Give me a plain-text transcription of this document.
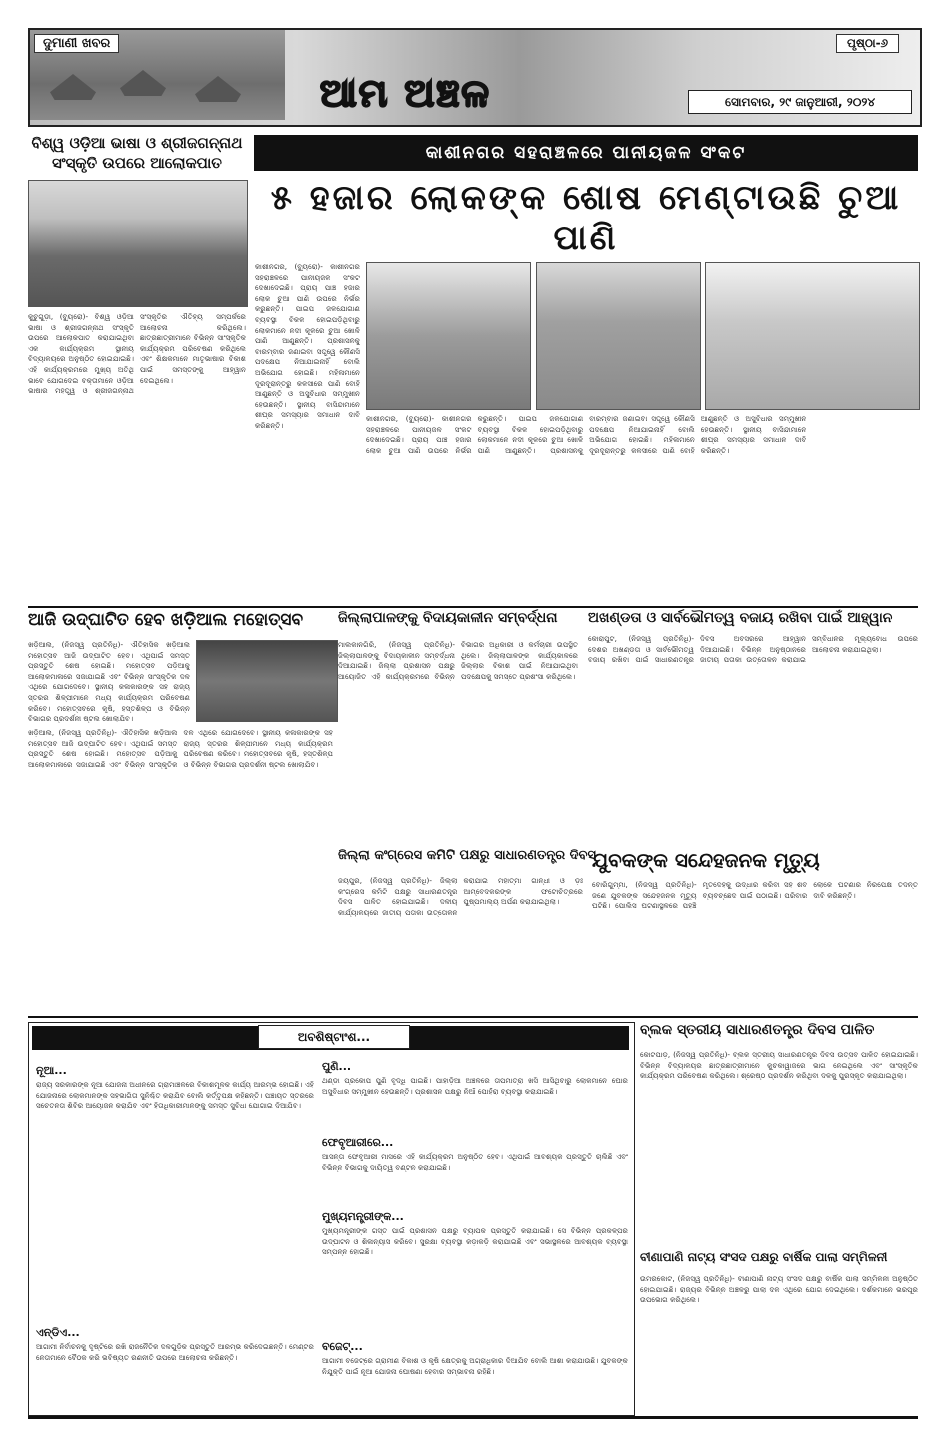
ଦୁମାଣୀ ଖବର	ପୃଷ୍ଠା-୬
ଆମ ଅଞ୍ଚଳ	ସୋମବାର, ୨୯ ଜାନୁଆରୀ, ୨୦୨୪
ବିଶ୍ୱ ଓଡ଼ିଆ ଭାଷା ଓ ଶ୍ରୀଜଗନ୍ନାଥ ସଂସ୍କୃତି ଉପରେ ଆଲୋକପାତ
କୁଚୁଗୁଡ଼ା, (ବ୍ୟୁରୋ)- ବିଶ୍ୱ ଓଡ଼ିଆ ଭାଷା ଓ ଶ୍ରୀଜଗନ୍ନାଥ ସଂସ୍କୃତି ଉପରେ ଆଲୋକପାତ କରାଯାଇଥିବା ଏକ କାର୍ଯ୍ୟକ୍ରମ ସ୍ଥାନୀୟ ବିଦ୍ୟାଳୟରେ ଅନୁଷ୍ଠିତ ହୋଇଯାଇଛି। ଏହି କାର୍ଯ୍ୟକ୍ରମରେ ମୁଖ୍ୟ ଅତିଥି ଭାବେ ଯୋଗଦେଇ ବକ୍ତାମାନେ ଓଡ଼ିଆ ଭାଷାର ମହତ୍ତ୍ୱ ଓ ଶ୍ରୀଜଗନ୍ନାଥ ସଂସ୍କୃତିର ଐତିହ୍ୟ ସମ୍ପର୍କରେ ଆଲୋଚନା କରିଥିଲେ। ଛାତ୍ରଛାତ୍ରୀମାନେ ବିଭିନ୍ନ ସାଂସ୍କୃତିକ କାର୍ଯ୍ୟକ୍ରମ ପରିବେଷଣ କରିଥିଲେ ଏବଂ ଶିକ୍ଷକମାନେ ମାତୃଭାଷାର ବିକାଶ ପାଇଁ ସମସ୍ତଙ୍କୁ ଆହ୍ୱାନ ଦେଇଥିଲେ।
କାଶୀନଗର ସହରାଞ୍ଚଳରେ ପାନୀୟଜଳ ସଂକଟ
୫ ହଜାର ଲୋକଙ୍କ ଶୋଷ ମେଣ୍ଟାଉଛି ଚୁଆ ପାଣି
କାଶୀନଗର, (ବ୍ୟୁରୋ)- କାଶୀନଗର ସହରାଞ୍ଚଳରେ ପାନୀୟଜଳ ସଂକଟ ଦେଖାଦେଇଛି। ପ୍ରାୟ ପାଞ୍ଚ ହଜାର ଲୋକ ଚୁଆ ପାଣି ଉପରେ ନିର୍ଭର କରୁଛନ୍ତି। ପାଇପ ଜଳଯୋଗାଣ ବ୍ୟବସ୍ଥା ବିକଳ ହୋଇପଡ଼ିଥିବାରୁ ଲୋକମାନେ ନଦୀ କୂଳରେ ଚୁଆ ଖୋଳି ପାଣି ଆଣୁଛନ୍ତି। ପ୍ରଶାସନକୁ ବାରମ୍ବାର ଜଣାଇବା ସତ୍ତ୍ୱେ କୌଣସି ପଦକ୍ଷେପ ନିଆଯାଇନାହିଁ ବୋଲି ଅଭିଯୋଗ ହୋଇଛି। ମହିଳାମାନେ ଦୂରଦୂରାନ୍ତରୁ କଳସୀରେ ପାଣି ବୋହି ଆଣୁଛନ୍ତି ଓ ଅସୁବିଧାର ସମ୍ମୁଖୀନ ହେଉଛନ୍ତି। ସ୍ଥାନୀୟ ବାସିନ୍ଦାମାନେ ଶୀଘ୍ର ସମସ୍ୟାର ସମାଧାନ ଦାବି କରିଛନ୍ତି।
କାଶୀନଗର, (ବ୍ୟୁରୋ)- କାଶୀନଗର ସହରାଞ୍ଚଳରେ ପାନୀୟଜଳ ସଂକଟ ଦେଖାଦେଇଛି। ପ୍ରାୟ ପାଞ୍ଚ ହଜାର ଲୋକ ଚୁଆ ପାଣି ଉପରେ ନିର୍ଭର କରୁଛନ୍ତି। ପାଇପ ଜଳଯୋଗାଣ ବ୍ୟବସ୍ଥା ବିକଳ ହୋଇପଡ଼ିଥିବାରୁ ଲୋକମାନେ ନଦୀ କୂଳରେ ଚୁଆ ଖୋଳି ପାଣି ଆଣୁଛନ୍ତି। ପ୍ରଶାସନକୁ ବାରମ୍ବାର ଜଣାଇବା ସତ୍ତ୍ୱେ କୌଣସି ପଦକ୍ଷେପ ନିଆଯାଇନାହିଁ ବୋଲି ଅଭିଯୋଗ ହୋଇଛି। ମହିଳାମାନେ ଦୂରଦୂରାନ୍ତରୁ କଳସୀରେ ପାଣି ବୋହି ଆଣୁଛନ୍ତି ଓ ଅସୁବିଧାର ସମ୍ମୁଖୀନ ହେଉଛନ୍ତି। ସ୍ଥାନୀୟ ବାସିନ୍ଦାମାନେ ଶୀଘ୍ର ସମସ୍ୟାର ସମାଧାନ ଦାବି କରିଛନ୍ତି।
ଆଜି ଉଦ୍‌ଘାଟିତ ହେବ ଖଡ଼ିଆଲ ମହୋତ୍ସବ
ଖଡ଼ିଆଲ, (ନିଜସ୍ୱ ପ୍ରତିନିଧି)- ଐତିହାସିକ ଖଡ଼ିଆଲ ମହୋତ୍ସବ ଆଜି ଉଦ୍‌ଘାଟିତ ହେବ। ଏଥିପାଇଁ ସମସ୍ତ ପ୍ରସ୍ତୁତି ଶେଷ ହୋଇଛି। ମହୋତ୍ସବ ପଡ଼ିଆକୁ ଆଲୋକମାଳାରେ ସଜାଯାଇଛି ଏବଂ ବିଭିନ୍ନ ସାଂସ୍କୃତିକ ଦଳ ଏଥିରେ ଯୋଗଦେବେ। ସ୍ଥାନୀୟ କଳାକାରଙ୍କ ସହ ରାଜ୍ୟ ସ୍ତରର ଶିଳ୍ପୀମାନେ ମଧ୍ୟ କାର୍ଯ୍ୟକ୍ରମ ପରିବେଷଣ କରିବେ। ମହୋତ୍ସବରେ କୃଷି, ହସ୍ତଶିଳ୍ପ ଓ ବିଭିନ୍ନ ବିଭାଗର ପ୍ରଦର୍ଶନୀ ଷ୍ଟଲ ଖୋଲାଯିବ।
ଖଡ଼ିଆଲ, (ନିଜସ୍ୱ ପ୍ରତିନିଧି)- ଐତିହାସିକ ଖଡ଼ିଆଲ ମହୋତ୍ସବ ଆଜି ଉଦ୍‌ଘାଟିତ ହେବ। ଏଥିପାଇଁ ସମସ୍ତ ପ୍ରସ୍ତୁତି ଶେଷ ହୋଇଛି। ମହୋତ୍ସବ ପଡ଼ିଆକୁ ଆଲୋକମାଳାରେ ସଜାଯାଇଛି ଏବଂ ବିଭିନ୍ନ ସାଂସ୍କୃତିକ ଦଳ ଏଥିରେ ଯୋଗଦେବେ। ସ୍ଥାନୀୟ କଳାକାରଙ୍କ ସହ ରାଜ୍ୟ ସ୍ତରର ଶିଳ୍ପୀମାନେ ମଧ୍ୟ କାର୍ଯ୍ୟକ୍ରମ ପରିବେଷଣ କରିବେ। ମହୋତ୍ସବରେ କୃଷି, ହସ୍ତଶିଳ୍ପ ଓ ବିଭିନ୍ନ ବିଭାଗର ପ୍ରଦର୍ଶନୀ ଷ୍ଟଲ ଖୋଲାଯିବ।
ଜିଲ୍ଲାପାଳଙ୍କୁ ବିଦାୟକାଳୀନ ସମ୍ବର୍ଦ୍ଧନା
ମାଲକାନଗିରି, (ନିଜସ୍ୱ ପ୍ରତିନିଧି)- ଜିଲ୍ଲାପାଳଙ୍କୁ ବିଦାୟକାଳୀନ ସମ୍ବର୍ଦ୍ଧନା ଦିଆଯାଇଛି। ଜିଲ୍ଲା ପ୍ରଶାସନ ପକ୍ଷରୁ ଆୟୋଜିତ ଏହି କାର୍ଯ୍ୟକ୍ରମରେ ବିଭିନ୍ନ ବିଭାଗର ଅଧିକାରୀ ଓ କର୍ମଚାରୀ ଉପସ୍ଥିତ ଥିଲେ। ଜିଲ୍ଲାପାଳଙ୍କ କାର୍ଯ୍ୟକାଳରେ ଜିଲ୍ଲାର ବିକାଶ ପାଇଁ ନିଆଯାଇଥିବା ପଦକ୍ଷେପକୁ ସମସ୍ତେ ପ୍ରଶଂସା କରିଥିଲେ।
ଅଖଣ୍ଡତା ଓ ସାର୍ବଭୌମତ୍ୱ ବଜାୟ ରଖିବା ପାଇଁ ଆହ୍ୱାନ
କୋରାପୁଟ, (ନିଜସ୍ୱ ପ୍ରତିନିଧି)- ଦେଶର ଅଖଣ୍ଡତା ଓ ସାର୍ବଭୌମତ୍ୱ ବଜାୟ ରଖିବା ପାଇଁ ସାଧାରଣତନ୍ତ୍ର ଦିବସ ଅବସରରେ ଆହ୍ୱାନ ଦିଆଯାଇଛି। ବିଭିନ୍ନ ଅନୁଷ୍ଠାନରେ ଜାତୀୟ ପତାକା ଉତ୍ତୋଳନ କରାଯାଇ ସମ୍ବିଧାନର ମୂଲ୍ୟବୋଧ ଉପରେ ଆଲୋଚନା କରାଯାଇଥିଲା।
ଜିଲ୍ଲା କଂଗ୍ରେସ କମିଟି ପକ୍ଷରୁ ସାଧାରଣତନ୍ତ୍ର ଦିବସ
ଜୟପୁର, (ନିଜସ୍ୱ ପ୍ରତିନିଧି)- ଜିଲ୍ଲା କଂଗ୍ରେସ କମିଟି ପକ୍ଷରୁ ସାଧାରଣତନ୍ତ୍ର ଦିବସ ପାଳିତ ହୋଇଯାଇଛି। ଦଳୀୟ କାର୍ଯ୍ୟାଳୟରେ ଜାତୀୟ ପତାକା ଉତ୍ତୋଳନ କରାଯାଇ ମହାତ୍ମା ଗାନ୍ଧୀ ଓ ଡ଼ଃ ଆମ୍ବେଦକରଙ୍କ ଫଟୋଚିତ୍ରରେ ପୁଷ୍ପମାଲ୍ୟ ଅର୍ପଣ କରାଯାଇଥିଲା।
ଯୁବକଙ୍କ ସନ୍ଦେହଜନକ ମୃତ୍ୟୁ
ବୋରିଗୁମ୍ମା, (ନିଜସ୍ୱ ପ୍ରତିନିଧି)- ଜଣେ ଯୁବକଙ୍କ ସନ୍ଦେହଜନକ ମୃତ୍ୟୁ ଘଟିଛି। ପୋଲିସ ଘଟଣାସ୍ଥଳରେ ପହଞ୍ଚି ମୃତଦେହକୁ ଉଦ୍ଧାର କରିବା ସହ ଶବ ବ୍ୟବଚ୍ଛେଦ ପାଇଁ ପଠାଇଛି। ପରିବାର ଲୋକେ ଘଟଣାର ନିରପେକ୍ଷ ତଦନ୍ତ ଦାବି କରିଛନ୍ତି।
ଅବଶିଷ୍ଟାଂଶ...
ନୂଆ...
ରାଜ୍ୟ ସରକାରଙ୍କ ନୂଆ ଯୋଜନା ଅଧୀନରେ ଗ୍ରାମାଞ୍ଚଳରେ ବିକାଶମୂଳକ କାର୍ଯ୍ୟ ଆରମ୍ଭ ହୋଇଛି। ଏହି ଯୋଜନାରେ ଲୋକମାନଙ୍କ ସହଭାଗିତା ସୁନିଶ୍ଚିତ କରାଯିବ ବୋଲି କର୍ତ୍ତୃପକ୍ଷ କହିଛନ୍ତି। ପଞ୍ଚାୟତ ସ୍ତରରେ ସଚେତନତା ଶିବିର ଆୟୋଜନ କରାଯିବ ଏବଂ ହିତାଧିକାରୀମାନଙ୍କୁ ସମସ୍ତ ସୁବିଧା ଯୋଗାଇ ଦିଆଯିବ।
ଏନ୍‌ଡିଏ...
ଆଗାମୀ ନିର୍ବାଚନକୁ ଦୃଷ୍ଟିରେ ରଖି ରାଜନୈତିକ ଦଳଗୁଡ଼ିକ ପ୍ରସ୍ତୁତି ଆରମ୍ଭ କରିଦେଇଛନ୍ତି। ମେଣ୍ଟର ନେତାମାନେ ବୈଠକ କରି ଭବିଷ୍ୟତ ରଣନୀତି ଉପରେ ଆଲୋଚନା କରିଛନ୍ତି।
ପୁଣି...
ଥଣ୍ଡା ପ୍ରକୋପ ପୁଣି ବୃଦ୍ଧି ପାଇଛି। ପାହାଡ଼ିଆ ଅଞ୍ଚଳରେ ତାପମାତ୍ରା ଖସି ଆସିଥିବାରୁ ଲୋକମାନେ ଘୋର ଅସୁବିଧାର ସମ୍ମୁଖୀନ ହେଉଛନ୍ତି। ପ୍ରଶାସନ ପକ୍ଷରୁ ନିଆଁ ପୋହଁରା ବ୍ୟବସ୍ଥା କରାଯାଇଛି।
ଫେବୃଆରୀରେ...
ଆସନ୍ତା ଫେବୃଆରୀ ମାସରେ ଏହି କାର୍ଯ୍ୟକ୍ରମ ଅନୁଷ୍ଠିତ ହେବ। ଏଥିପାଇଁ ଆବଶ୍ୟକ ପ୍ରସ୍ତୁତି ଚାଲିଛି ଏବଂ ବିଭିନ୍ନ ବିଭାଗକୁ ଦାୟିତ୍ୱ ବଣ୍ଟନ କରାଯାଇଛି।
ମୁଖ୍ୟମନ୍ତ୍ରୀଙ୍କ...
ମୁଖ୍ୟମନ୍ତ୍ରୀଙ୍କ ଗସ୍ତ ପାଇଁ ପ୍ରଶାସନ ପକ୍ଷରୁ ବ୍ୟାପକ ପ୍ରସ୍ତୁତି କରାଯାଇଛି। ସେ ବିଭିନ୍ନ ପ୍ରକଳ୍ପର ଉଦ୍‌ଘାଟନ ଓ ଶିଳାନ୍ୟାସ କରିବେ। ସୁରକ୍ଷା ବ୍ୟବସ୍ଥା କଡ଼ାକଡ଼ି କରାଯାଇଛି ଏବଂ ସଭାସ୍ଥଳରେ ଆବଶ୍ୟକ ବ୍ୟବସ୍ଥା ସମ୍ପନ୍ନ ହୋଇଛି।
ବଜେଟ୍...
ଆଗାମୀ ବଜେଟ୍‌ରେ ଗ୍ରାମୀଣ ବିକାଶ ଓ କୃଷି କ୍ଷେତ୍ରକୁ ଅଗ୍ରାଧିକାର ଦିଆଯିବ ବୋଲି ଆଶା କରାଯାଉଛି। ଯୁବକଙ୍କ ନିଯୁକ୍ତି ପାଇଁ ନୂଆ ଯୋଜନା ଘୋଷଣା ହେବାର ସମ୍ଭାବନା ରହିଛି।
ବ୍ଲକ ସ୍ତରୀୟ ସାଧାରଣତନ୍ତ୍ର ଦିବସ ପାଳିତ
କୋଟପାଡ଼, (ନିଜସ୍ୱ ପ୍ରତିନିଧି)- ବ୍ଲକ ସ୍ତରୀୟ ସାଧାରଣତନ୍ତ୍ର ଦିବସ ଉତ୍ସବ ପାଳିତ ହୋଇଯାଇଛି। ବିଭିନ୍ନ ବିଦ୍ୟାଳୟର ଛାତ୍ରଛାତ୍ରୀମାନେ କୁଚକାୱାଜରେ ଭାଗ ନେଇଥିଲେ ଏବଂ ସାଂସ୍କୃତିକ କାର୍ଯ୍ୟକ୍ରମ ପରିବେଷଣ କରିଥିଲେ। ଶ୍ରେଷ୍ଠ ପ୍ରଦର୍ଶନ କରିଥିବା ଦଳକୁ ପୁରସ୍କୃତ କରାଯାଇଥିଲା।
ବୀଣାପାଣି ନାଟ୍ୟ ସଂସଦ ପକ୍ଷରୁ ବାର୍ଷିକ ପାଲା ସମ୍ମିଳନୀ
ଉମରକୋଟ, (ନିଜସ୍ୱ ପ୍ରତିନିଧି)- ବୀଣାପାଣି ନାଟ୍ୟ ସଂସଦ ପକ୍ଷରୁ ବାର୍ଷିକ ପାଲା ସମ୍ମିଳନୀ ଅନୁଷ୍ଠିତ ହୋଇଯାଇଛି। ରାଜ୍ୟର ବିଭିନ୍ନ ଅଞ୍ଚଳରୁ ପାଲା ଦଳ ଏଥିରେ ଯୋଗ ଦେଇଥିଲେ। ଦର୍ଶକମାନେ ଭରପୂର ଉପଭୋଗ କରିଥିଲେ।
